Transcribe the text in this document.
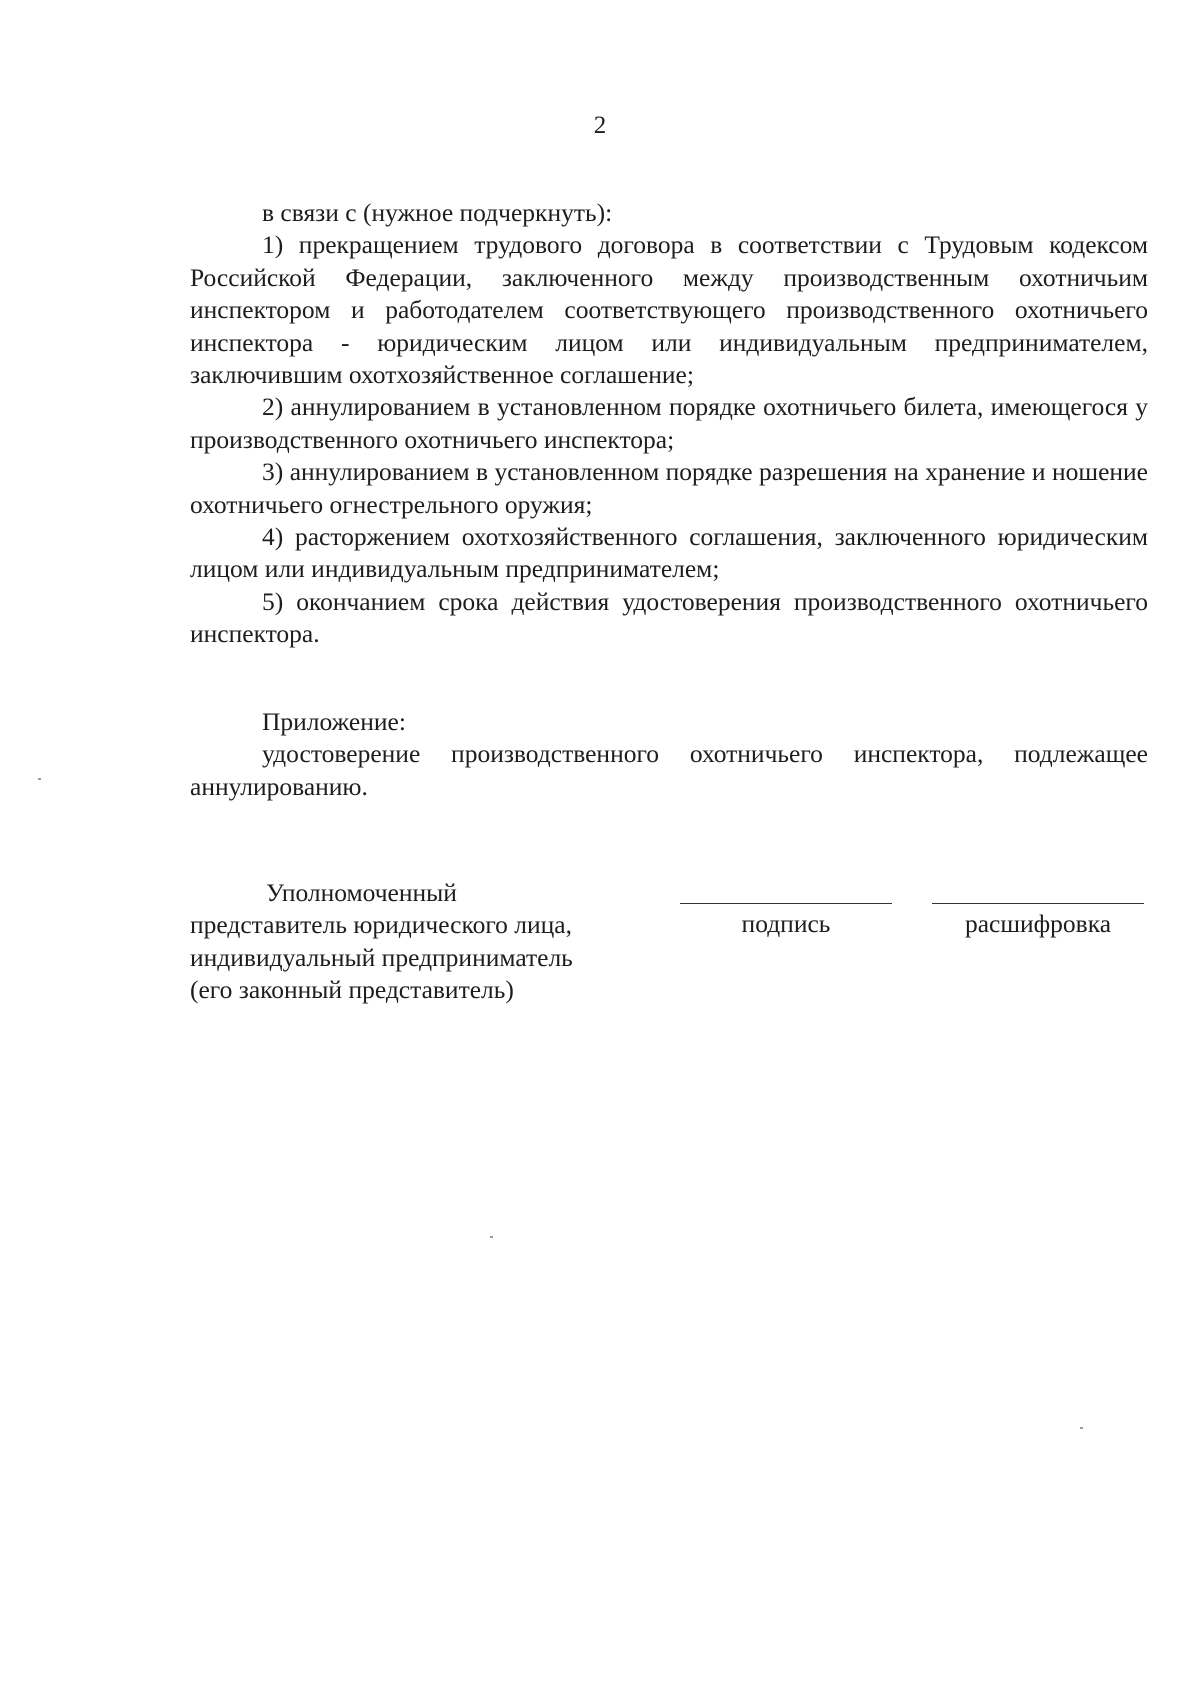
2

в связи с (нужное подчеркнуть):

1) прекращением трудового договора в соответствии с Трудовым кодексом Российской Федерации, заключенного между производственным охотничьим инспектором и работодателем соответствующего производственного охотничьего инспектора - юридическим лицом или индивидуальным предпринимателем, заключившим охотхозяйственное соглашение;

2) аннулированием в установленном порядке охотничьего билета, имеющегося у производственного охотничьего инспектора;

3) аннулированием в установленном порядке разрешения на хранение и ношение охотничьего огнестрельного оружия;

4) расторжением охотхозяйственного соглашения, заключенного юридическим лицом или индивидуальным предпринимателем;

5) окончанием срока действия удостоверения производственного охотничьего инспектора.

Приложение:

удостоверение производственного охотничьего инспектора, подлежащее аннулированию.

Уполномоченный
представитель юридического лица,
индивидуальный предприниматель
(его законный представитель)
подпись	расшифровка
